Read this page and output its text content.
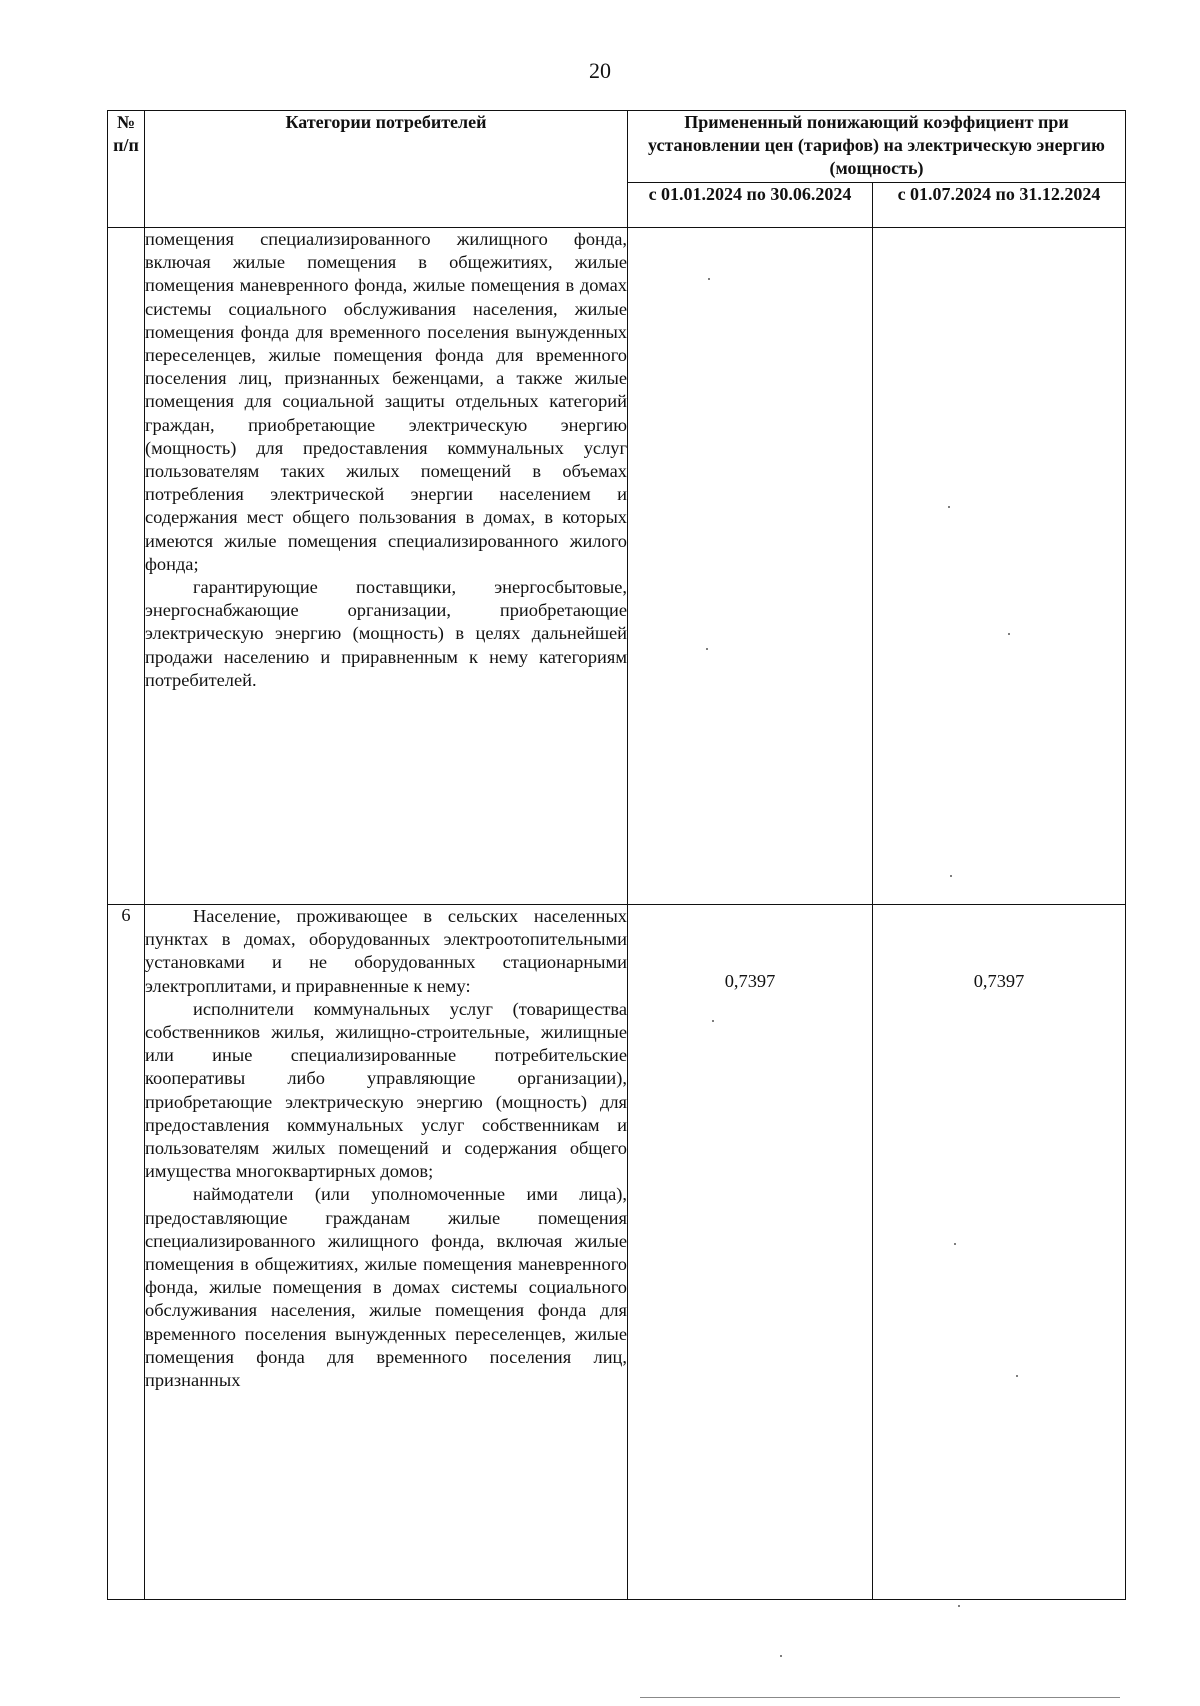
20
№ п/п	Категории потребителей	Примененный понижающий коэффициент при установлении цен (тарифов) на электрическую энергию (мощность)	
		с 01.01.2024 по 30.06.2024	с 01.07.2024 по 31.12.2024

	помещения специализированного жилищного фонда, включая жилые помещения в общежитиях, жилые помещения маневренного фонда, жилые помещения в домах системы социального обслуживания населения, жилые помещения фонда для временного поселения вынужденных переселенцев, жилые помещения фонда для временного поселения лиц, признанных беженцами, а также жилые помещения для социальной защиты отдельных категорий граждан, приобретающие электрическую энергию (мощность) для предоставления коммунальных услуг пользователям таких жилых помещений в объемах потребления электрической энергии населением и содержания мест общего пользования в домах, в которых имеются жилые помещения специализированного жилого фонда;

гарантирующие поставщики, энергосбытовые, энергоснабжающие организации, приобретающие электрическую энергию (мощность) в целях дальнейшей продажи населению и приравненным к нему категориям потребителей.		

6	Население, проживающее в сельских населенных пунктах в домах, оборудованных электроотопительными установками и не оборудованных стационарными электроплитами, и приравненные к нему:

исполнители коммунальных услуг (товарищества собственников жилья, жилищно-строительные, жилищные или иные специализированные потребительские кооперативы либо управляющие организации), приобретающие электрическую энергию (мощность) для предоставления коммунальных услуг собственникам и пользователям жилых помещений и содержания общего имущества многоквартирных домов;

наймодатели (или уполномоченные ими лица), предоставляющие гражданам жилые помещения специализированного жилищного фонда, включая жилые помещения в общежитиях, жилые помещения маневренного фонда, жилые помещения в домах системы социального обслуживания населения, жилые помещения фонда для временного поселения вынужденных переселенцев, жилые помещения фонда для временного поселения лиц, признанных	0,7397	0,7397
